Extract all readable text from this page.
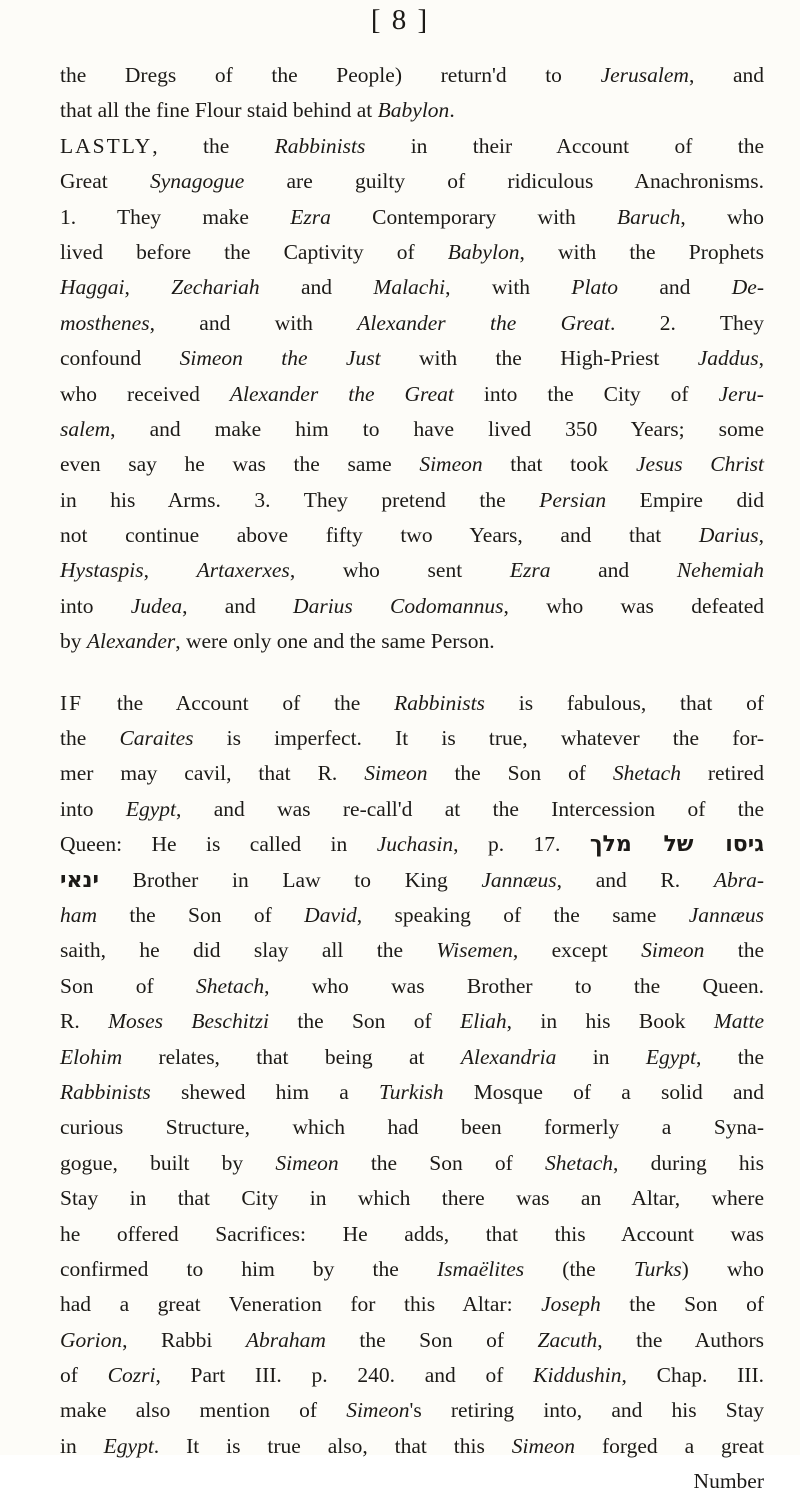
[ 8 ]
the Dregs of the People) return'd to Jerusalem, and
that all the fine Flour staid behind at Babylon.
LASTLY, the Rabbinists in their Account of the
Great Synagogue are guilty of ridiculous Anachronisms.
1. They make Ezra Contemporary with Baruch, who
lived before the Captivity of Babylon, with the Prophets
Haggai, Zechariah and Malachi, with Plato and De-
mosthenes, and with Alexander the Great. 2. They
confound Simeon the Just with the High-Priest Jaddus,
who received Alexander the Great into the City of Jeru-
salem, and make him to have lived 350 Years; some
even say he was the same Simeon that took Jesus Christ
in his Arms. 3. They pretend the Persian Empire did
not continue above fifty two Years, and that Darius,
Hystaspis, Artaxerxes, who sent Ezra and Nehemiah
into Judea, and Darius Codomannus, who was defeated
by Alexander, were only one and the same Person.
IF the Account of the Rabbinists is fabulous, that of
the Caraites is imperfect. It is true, whatever the for-
mer may cavil, that R. Simeon the Son of Shetach retired
into Egypt, and was re-call'd at the Intercession of the
Queen: He is called in Juchasin, p. 17. גיסו של מלך
ינאי Brother in Law to King Jannæus, and R. Abra-
ham the Son of David, speaking of the same Jannæus
saith, he did slay all the Wisemen, except Simeon the
Son of Shetach, who was Brother to the Queen.
R. Moses Beschitzi the Son of Eliah, in his Book Matte
Elohim relates, that being at Alexandria in Egypt, the
Rabbinists shewed him a Turkish Mosque of a solid and
curious Structure, which had been formerly a Syna-
gogue, built by Simeon the Son of Shetach, during his
Stay in that City in which there was an Altar, where
he offered Sacrifices: He adds, that this Account was
confirmed to him by the Ismaëlites (the Turks) who
had a great Veneration for this Altar: Joseph the Son of
Gorion, Rabbi Abraham the Son of Zacuth, the Authors
of Cozri, Part III. p. 240. and of Kiddushin, Chap. III.
make also mention of Simeon's retiring into, and his Stay
in Egypt. It is true also, that this Simeon forged a great
Number
